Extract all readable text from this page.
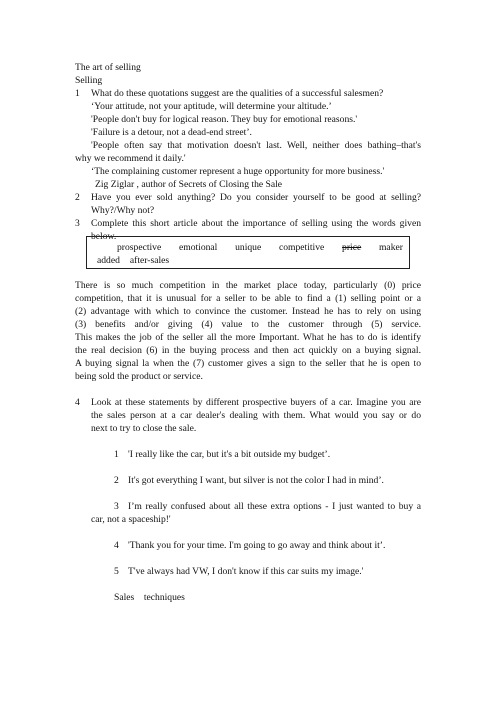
The art of selling
Selling
1 What do these quotations suggest are the qualities of a successful salesmen?
‘Your attitude, not your aptitude, will determine your altitude.’
'People don't buy for logical reason. They buy for emotional reasons.'
'Failure is a detour, not a dead-end street’.
'People often say that motivation doesn't last. Well, neither does bathing–that's
why we recommend it daily.'
‘The complaining customer represent a huge opportunity for more business.'
Zig Ziglar , author of Secrets of Closing the Sale
2 Have you ever sold anything? Do you consider yourself to be good at selling?
Why?/Why not?
3 Complete this short article about the importance of selling using the words given
below.
prospective emotional unique competitive price maker
added after-sales
There is so much competition in the market place today, particularly (0) price
competition, that it is unusual for a seller to be able to find a (1) selling point or a
(2) advantage with which to convince the customer. Instead he has to rely on using
(3) benefits and/or giving (4) value to the customer through (5) service.
This makes the job of the seller all the more Important. What he has to do is identify
the real decision (6) in the buying process and then act quickly on a buying signal.
A buying signal la when the (7) customer gives a sign to the seller that he is open to
being sold the product or service.
4 Look at these statements by different prospective buyers of a car. Imagine you are
the sales person at a car dealer's dealing with them. What would you say or do
next to try to close the sale.
1 'I really like the car, but it's a bit outside my budget’.
2 It's got everything I want, but silver is not the color I had in mind’.
3 I’m really confused about all these extra options - I just wanted to buy a
car, not a spaceship!'
4 'Thank you for your time. I'm going to go away and think about it’.
5 T've always had VW, I don't know if this car suits my image.'
Sales    techniques
